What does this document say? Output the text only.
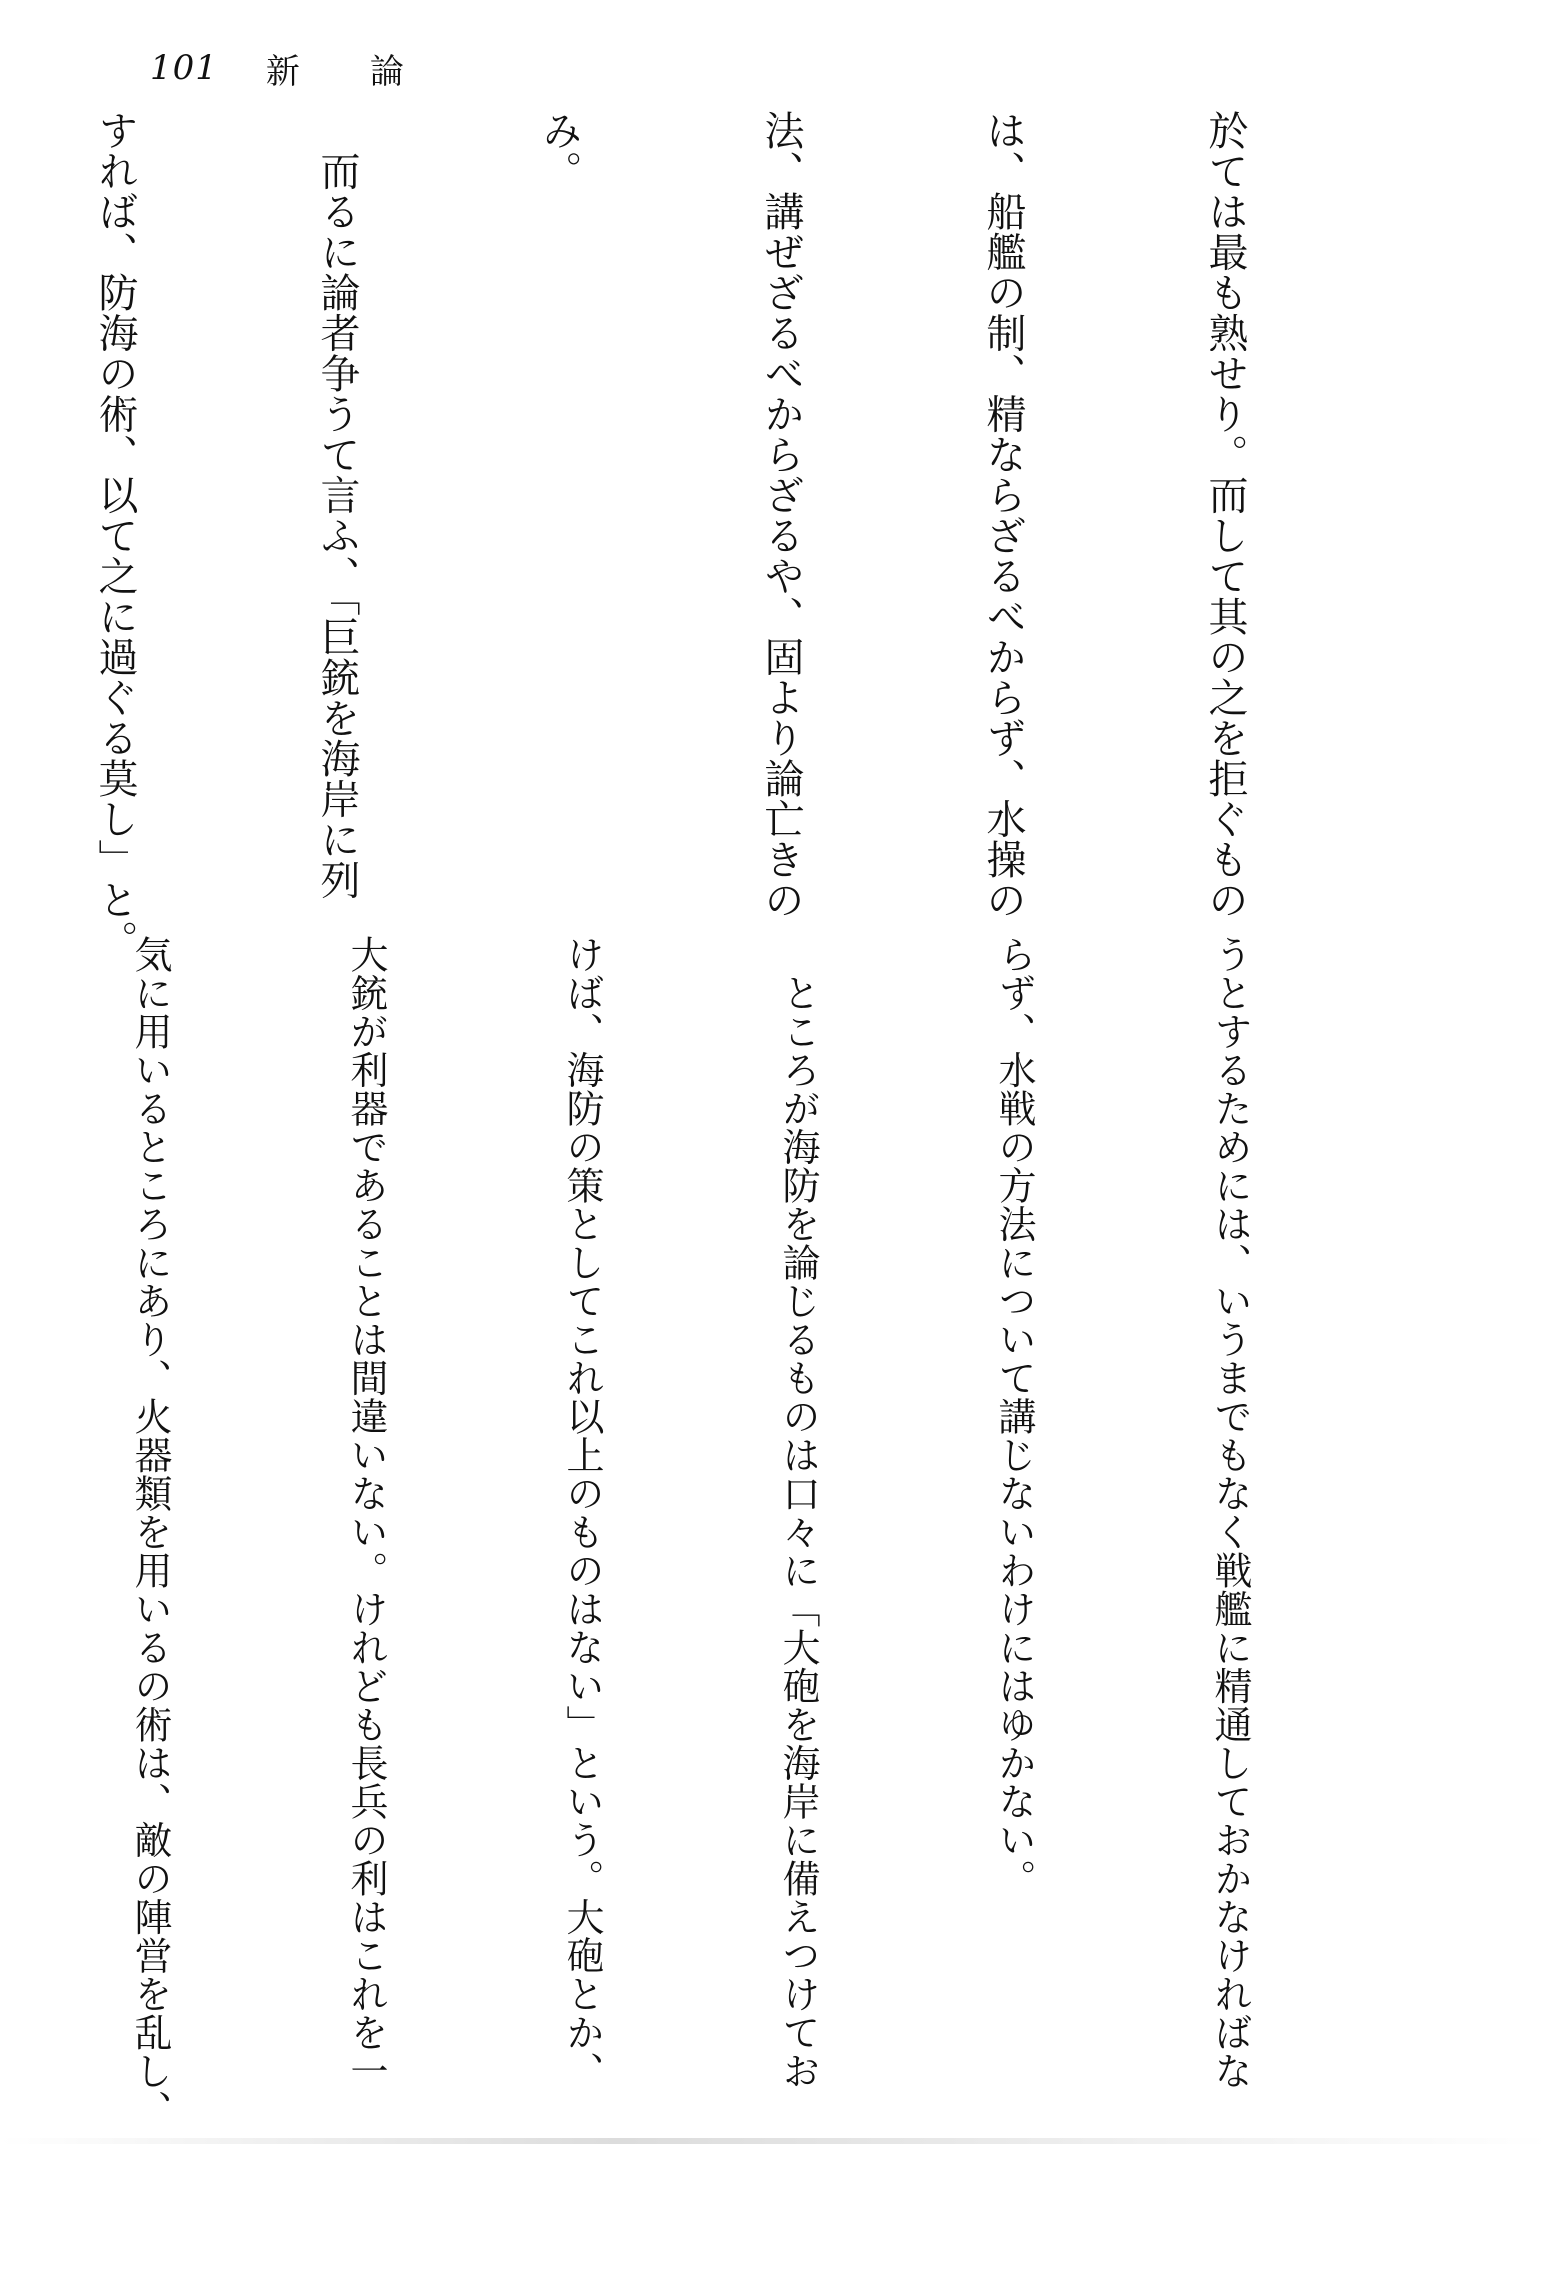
101 新 論

於ては最も熟せり。而して其の之を拒ぐもの

は、船艦の制、精ならざるべからず、水操の

法、講ぜざるべからざるや、固より論亡きの

み。

　而るに論者争うて言ふ、「巨銃を海岸に列

すれば、防海の術、以て之に過ぐる莫し」と。

うとするためには、いうまでもなく戦艦に精通しておかなければな

らず、水戦の方法について講じないわけにはゆかない。

　ところが海防を論じるものは口々に「大砲を海岸に備えつけてお

けば、海防の策としてこれ以上のものはない」という。大砲とか、

大銃が利器であることは間違いない。けれども長兵の利はこれを一

気に用いるところにあり、火器類を用いるの術は、敵の陣営を乱し、
